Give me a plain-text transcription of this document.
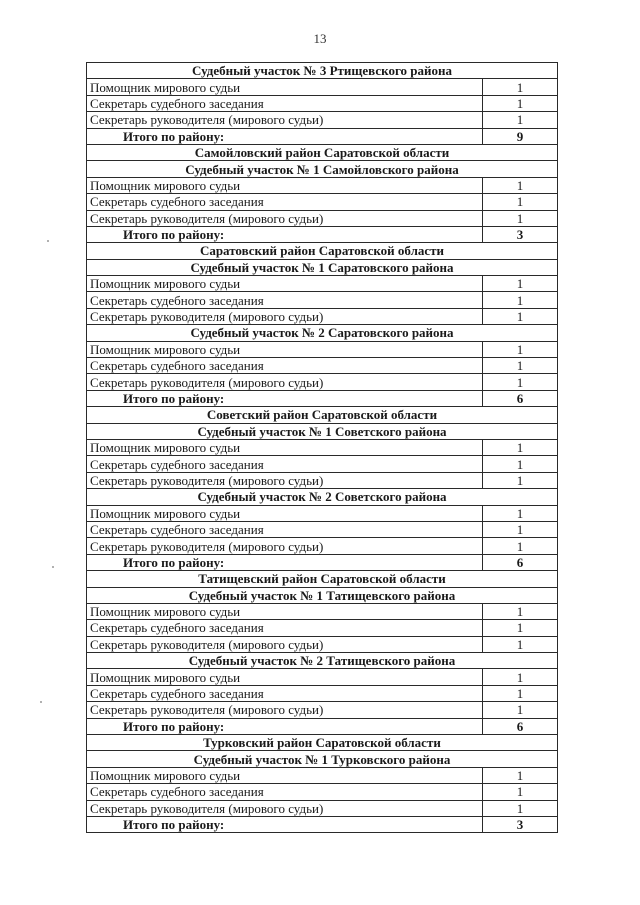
13
Судебный участок № 3 Ртищевского района	
Помощник мирового судьи	1
Секретарь судебного заседания	1
Секретарь руководителя (мирового судьи)	1
Итого по району:	9
Самойловский район Саратовской области	
Судебный участок № 1 Самойловского района	
Помощник мирового судьи	1
Секретарь судебного заседания	1
Секретарь руководителя (мирового судьи)	1
Итого по району:	3
Саратовский район Саратовской области	
Судебный участок № 1 Саратовского района	
Помощник мирового судьи	1
Секретарь судебного заседания	1
Секретарь руководителя (мирового судьи)	1
Судебный участок № 2 Саратовского района	
Помощник мирового судьи	1
Секретарь судебного заседания	1
Секретарь руководителя (мирового судьи)	1
Итого по району:	6
Советский район Саратовской области	
Судебный участок № 1 Советского района	
Помощник мирового судьи	1
Секретарь судебного заседания	1
Секретарь руководителя (мирового судьи)	1
Судебный участок № 2 Советского района	
Помощник мирового судьи	1
Секретарь судебного заседания	1
Секретарь руководителя (мирового судьи)	1
Итого по району:	6
Татищевский район Саратовской области	
Судебный участок № 1 Татищевского района	
Помощник мирового судьи	1
Секретарь судебного заседания	1
Секретарь руководителя (мирового судьи)	1
Судебный участок № 2 Татищевского района	
Помощник мирового судьи	1
Секретарь судебного заседания	1
Секретарь руководителя (мирового судьи)	1
Итого по району:	6
Турковский район Саратовской области	
Судебный участок № 1 Турковского района	
Помощник мирового судьи	1
Секретарь судебного заседания	1
Секретарь руководителя (мирового судьи)	1
Итого по району:	3
